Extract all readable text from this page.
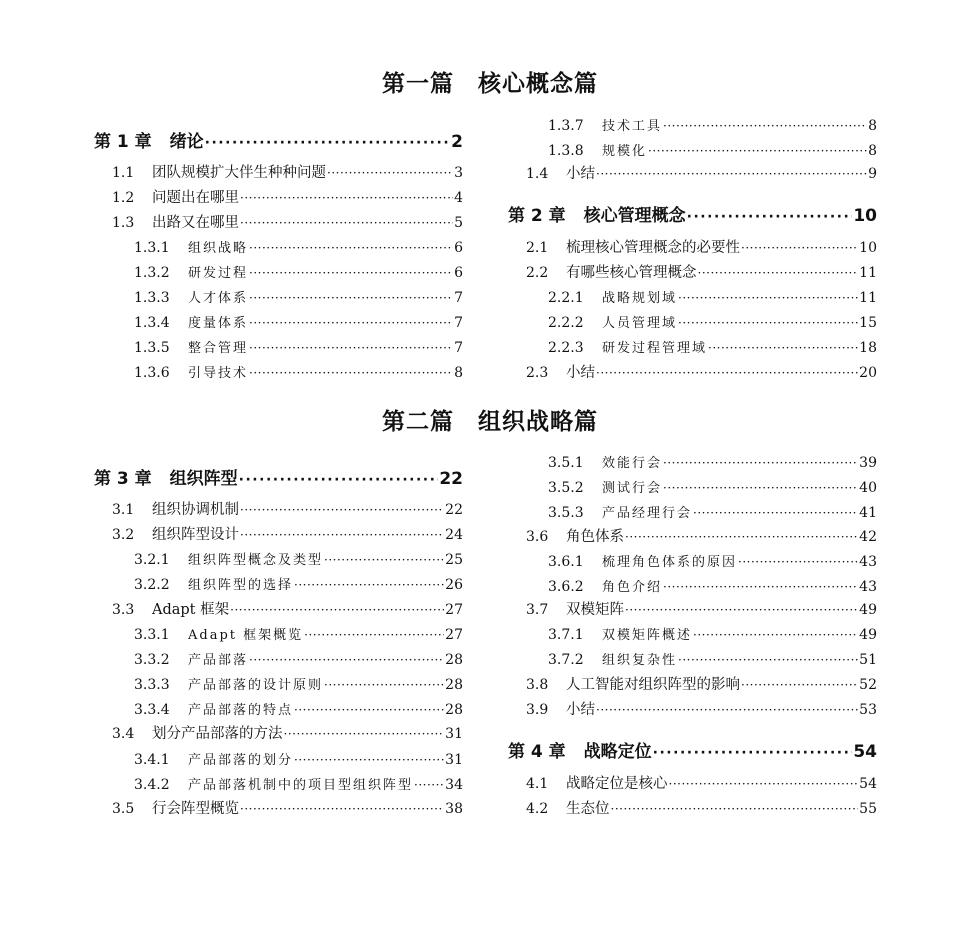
第一篇　核心概念篇
第二篇　组织战略篇
第 1 章 绪论 ·····	2
1.1	团队规模扩大伴生种种问题 ·····	3
1.2	问题出在哪里 ·····	4
1.3	出路又在哪里 ·····	5
1.3.1	组织战略 ·····	6
1.3.2	研发过程 ·····	6
1.3.3	人才体系 ·····	7
1.3.4	度量体系 ·····	7
1.3.5	整合管理 ·····	7
1.3.6	引导技术 ·····	8
1.3.7	技术工具 ·····	8
1.3.8	规模化 ·····	8
1.4	小结 ·····	9
第 2 章 核心管理概念 ·····	10
2.1	梳理核心管理概念的必要性 ·····	10
2.2	有哪些核心管理概念 ·····	11
2.2.1	战略规划域 ·····	11
2.2.2	人员管理域 ·····	15
2.2.3	研发过程管理域 ·····	18
2.3	小结 ·····	20
第 3 章 组织阵型 ·····	22
3.1	组织协调机制 ·····	22
3.2	组织阵型设计 ·····	24
3.2.1	组织阵型概念及类型 ·····	25
3.2.2	组织阵型的选择 ·····	26
3.3	Adapt 框架 ·····	27
3.3.1	Adapt 框架概览 ·····	27
3.3.2	产品部落 ·····	28
3.3.3	产品部落的设计原则 ·····	28
3.3.4	产品部落的特点 ·····	28
3.4	划分产品部落的方法 ·····	31
3.4.1	产品部落的划分 ·····	31
3.4.2	产品部落机制中的项目型组织阵型 ····· 34
3.5	行会阵型概览 ·····	38
3.5.1	效能行会 ·····	39
3.5.2	测试行会 ·····	40
3.5.3	产品经理行会 ·····	41
3.6	角色体系 ·····	42
3.6.1	梳理角色体系的原因 ·····	43
3.6.2	角色介绍 ·····	43
3.7	双模矩阵 ·····	49
3.7.1	双模矩阵概述 ·····	49
3.7.2	组织复杂性 ·····	51
3.8	人工智能对组织阵型的影响 ·····	52
3.9	小结 ·····	53
第 4 章 战略定位 ·····	54
4.1	战略定位是核心 ·····	54
4.2	生态位 ·····	55
